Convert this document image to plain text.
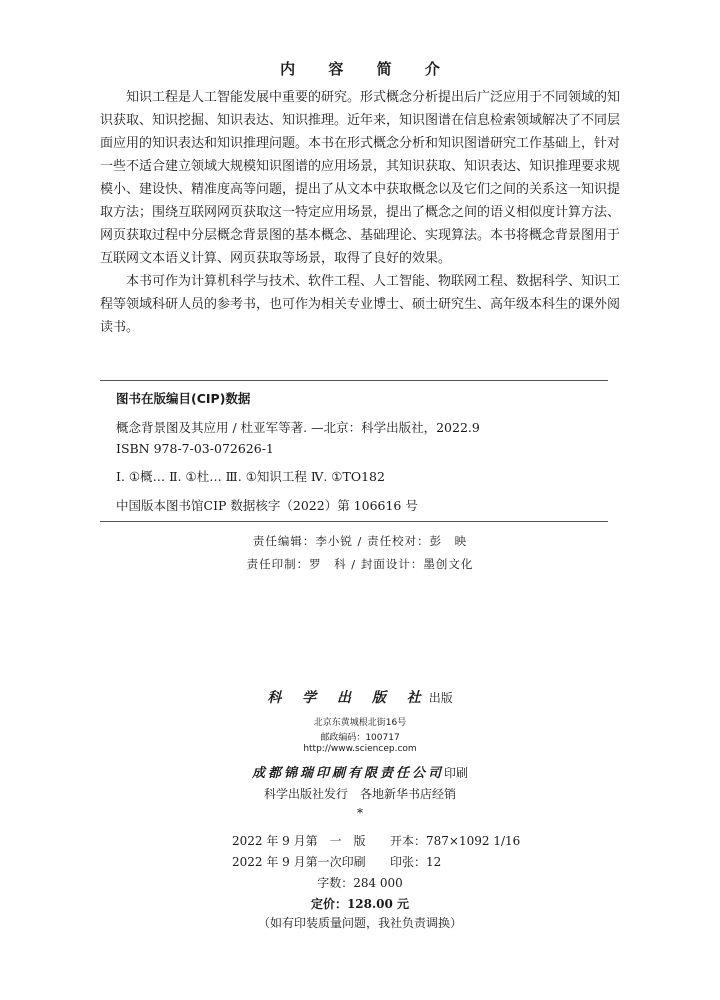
内 容 简 介

知识工程是人工智能发展中重要的研究。形式概念分析提出后广泛应用于不同领域的知识获取、知识挖掘、知识表达、知识推理。近年来，知识图谱在信息检索领域解决了不同层面应用的知识表达和知识推理问题。本书在形式概念分析和知识图谱研究工作基础上，针对一些不适合建立领域大规模知识图谱的应用场景，其知识获取、知识表达、知识推理要求规模小、建设快、精准度高等问题，提出了从文本中获取概念以及它们之间的关系这一知识提取方法；围绕互联网网页获取这一特定应用场景，提出了概念之间的语义相似度计算方法、网页获取过程中分层概念背景图的基本概念、基础理论、实现算法。本书将概念背景图用于互联网文本语义计算、网页获取等场景，取得了良好的效果。

本书可作为计算机科学与技术、软件工程、人工智能、物联网工程、数据科学、知识工程等领域科研人员的参考书，也可作为相关专业博士、硕士研究生、高年级本科生的课外阅读书。

图书在版编目(CIP)数据
概念背景图及其应用 / 杜亚军等著. —北京：科学出版社，2022.9
ISBN 978-7-03-072626-1
Ⅰ. ①概… Ⅱ. ①杜… Ⅲ. ①知识工程 Ⅳ. ①TO182
中国版本图书馆CIP 数据核字（2022）第 106616 号
责任编辑：李小锐 / 责任校对：彭　映
责任印制：罗　科 / 封面设计：墨创文化
科 学 出 版 社出版
北京东黄城根北街16号
邮政编码：100717
http://www.sciencep.com
成都锦瑞印刷有限责任公司印刷
科学出版社发行　各地新华书店经销
*
2022 年 9 月第　一　版 开本：787×1092 1/16
2022 年 9 月第一次印刷 印张：12
字数：284 000
定价：128.00 元
（如有印装质量问题，我社负责调换）
